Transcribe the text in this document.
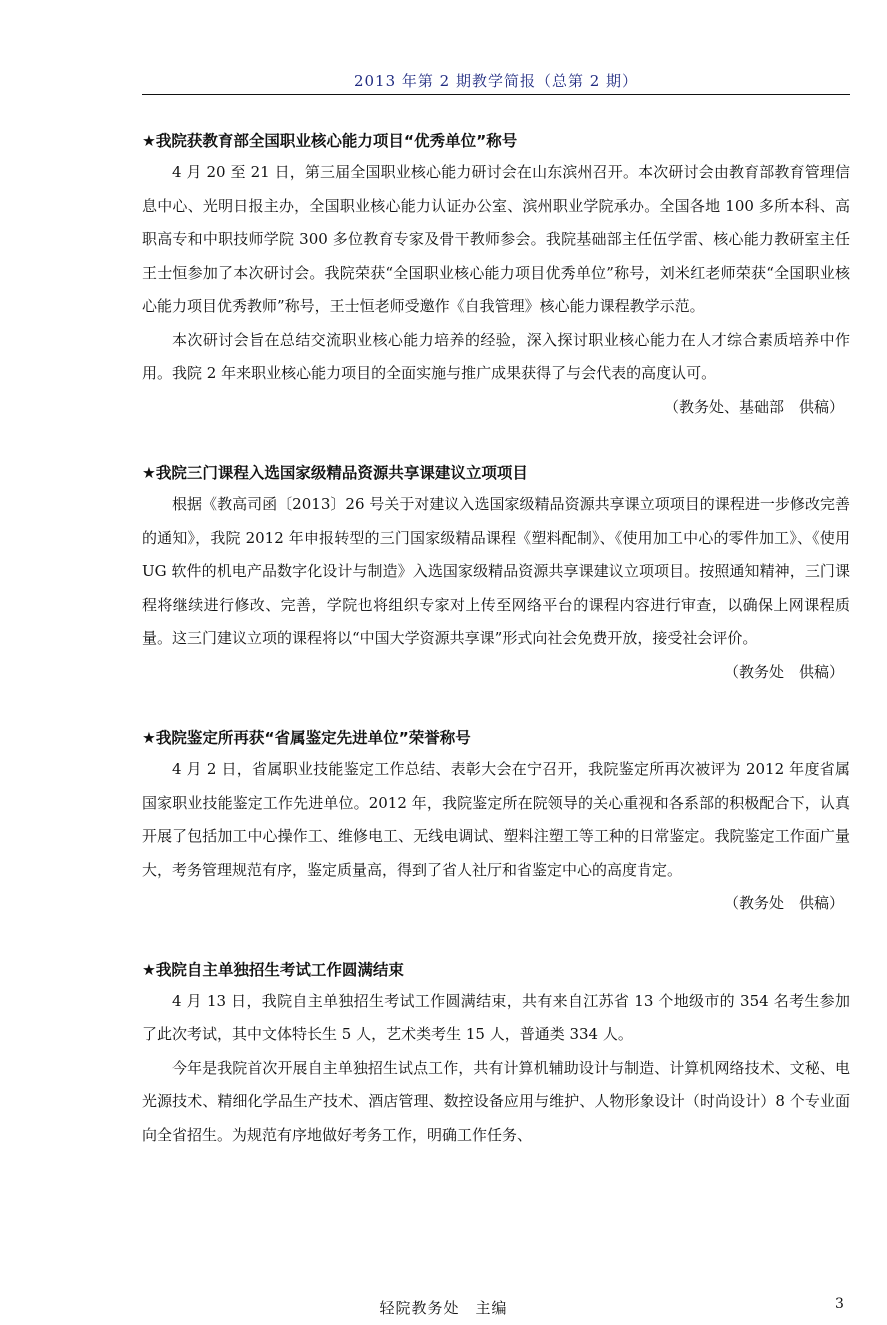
2013 年第 2 期教学简报（总第 2 期）
★我院获教育部全国职业核心能力项目“优秀单位”称号

4 月 20 至 21 日，第三届全国职业核心能力研讨会在山东滨州召开。本次研讨会由教育部教育管理信息中心、光明日报主办，全国职业核心能力认证办公室、滨州职业学院承办。全国各地 100 多所本科、高职高专和中职技师学院 300 多位教育专家及骨干教师参会。我院基础部主任伍学雷、核心能力教研室主任王士恒参加了本次研讨会。我院荣获“全国职业核心能力项目优秀单位”称号，刘米红老师荣获“全国职业核心能力项目优秀教师”称号，王士恒老师受邀作《自我管理》核心能力课程教学示范。

本次研讨会旨在总结交流职业核心能力培养的经验，深入探讨职业核心能力在人才综合素质培养中作用。我院 2 年来职业核心能力项目的全面实施与推广成果获得了与会代表的高度认可。

（教务处、基础部　供稿）
★我院三门课程入选国家级精品资源共享课建议立项项目

根据《教高司函〔2013〕26 号关于对建议入选国家级精品资源共享课立项项目的课程进一步修改完善的通知》，我院 2012 年申报转型的三门国家级精品课程《塑料配制》、《使用加工中心的零件加工》、《使用 UG 软件的机电产品数字化设计与制造》入选国家级精品资源共享课建议立项项目。按照通知精神，三门课程将继续进行修改、完善，学院也将组织专家对上传至网络平台的课程内容进行审查，以确保上网课程质量。这三门建议立项的课程将以“中国大学资源共享课”形式向社会免费开放，接受社会评价。

（教务处　供稿）
★我院鉴定所再获“省属鉴定先进单位”荣誉称号

4 月 2 日，省属职业技能鉴定工作总结、表彰大会在宁召开，我院鉴定所再次被评为 2012 年度省属国家职业技能鉴定工作先进单位。2012 年，我院鉴定所在院领导的关心重视和各系部的积极配合下，认真开展了包括加工中心操作工、维修电工、无线电调试、塑料注塑工等工种的日常鉴定。我院鉴定工作面广量大，考务管理规范有序，鉴定质量高，得到了省人社厅和省鉴定中心的高度肯定。

（教务处　供稿）
★我院自主单独招生考试工作圆满结束

4 月 13 日，我院自主单独招生考试工作圆满结束，共有来自江苏省 13 个地级市的 354 名考生参加了此次考试，其中文体特长生 5 人，艺术类考生 15 人，普通类 334 人。

今年是我院首次开展自主单独招生试点工作，共有计算机辅助设计与制造、计算机网络技术、文秘、电光源技术、精细化学品生产技术、酒店管理、数控设备应用与维护、人物形象设计（时尚设计）8 个专业面向全省招生。为规范有序地做好考务工作，明确工作任务、

轻院教务处　主编	3
